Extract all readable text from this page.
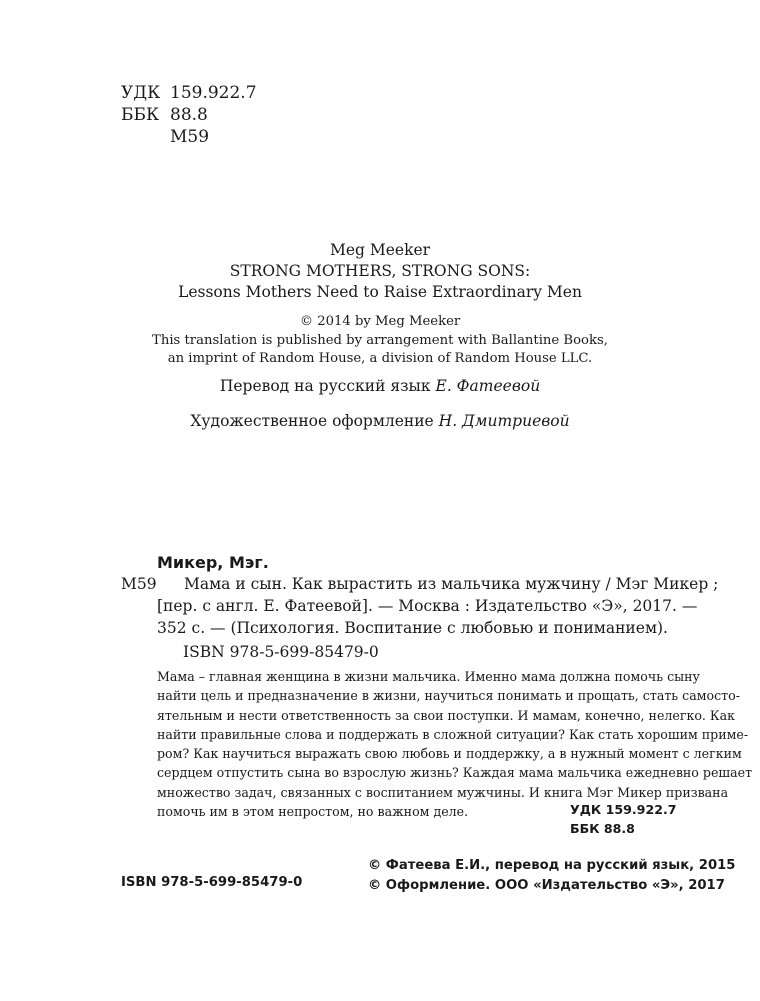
УДК 159.922.7
ББК 88.8
М59
Meg Meeker
STRONG MOTHERS, STRONG SONS:
Lessons Mothers Need to Raise Extraordinary Men
© 2014 by Meg Meeker
This translation is published by arrangement with Ballantine Books,
an imprint of Random House, a division of Random House LLC.
Перевод на русский язык Е. Фатеевой
Художественное оформление Н. Дмитриевой
Микер, Мэг.
М59	Мама и сын. Как вырастить из мальчика мужчину / Мэг Микер ;
[пер. с англ. Е. Фатеевой]. — Москва : Издательство «Э», 2017. —
352 с. — (Психология. Воспитание с любовью и пониманием).
ISBN 978-5-699-85479-0
Мама – главная женщина в жизни мальчика. Именно мама должна помочь сыну
найти цель и предназначение в жизни, научиться понимать и прощать, стать самосто-
ятельным и нести ответственность за свои поступки. И мамам, конечно, нелегко. Как
найти правильные слова и поддержать в сложной ситуации? Как стать хорошим приме-
ром? Как научиться выражать свою любовь и поддержку, а в нужный момент с легким
сердцем отпустить сына во взрослую жизнь? Каждая мама мальчика ежедневно решает
множество задач, связанных с воспитанием мужчины. И книга Мэг Микер призвана
помочь им в этом непростом, но важном деле.	УДК 159.922.7
ББК 88.8
ISBN 978-5-699-85479-0
© Фатеева Е.И., перевод на русский язык, 2015
© Оформление. ООО «Издательство «Э», 2017
